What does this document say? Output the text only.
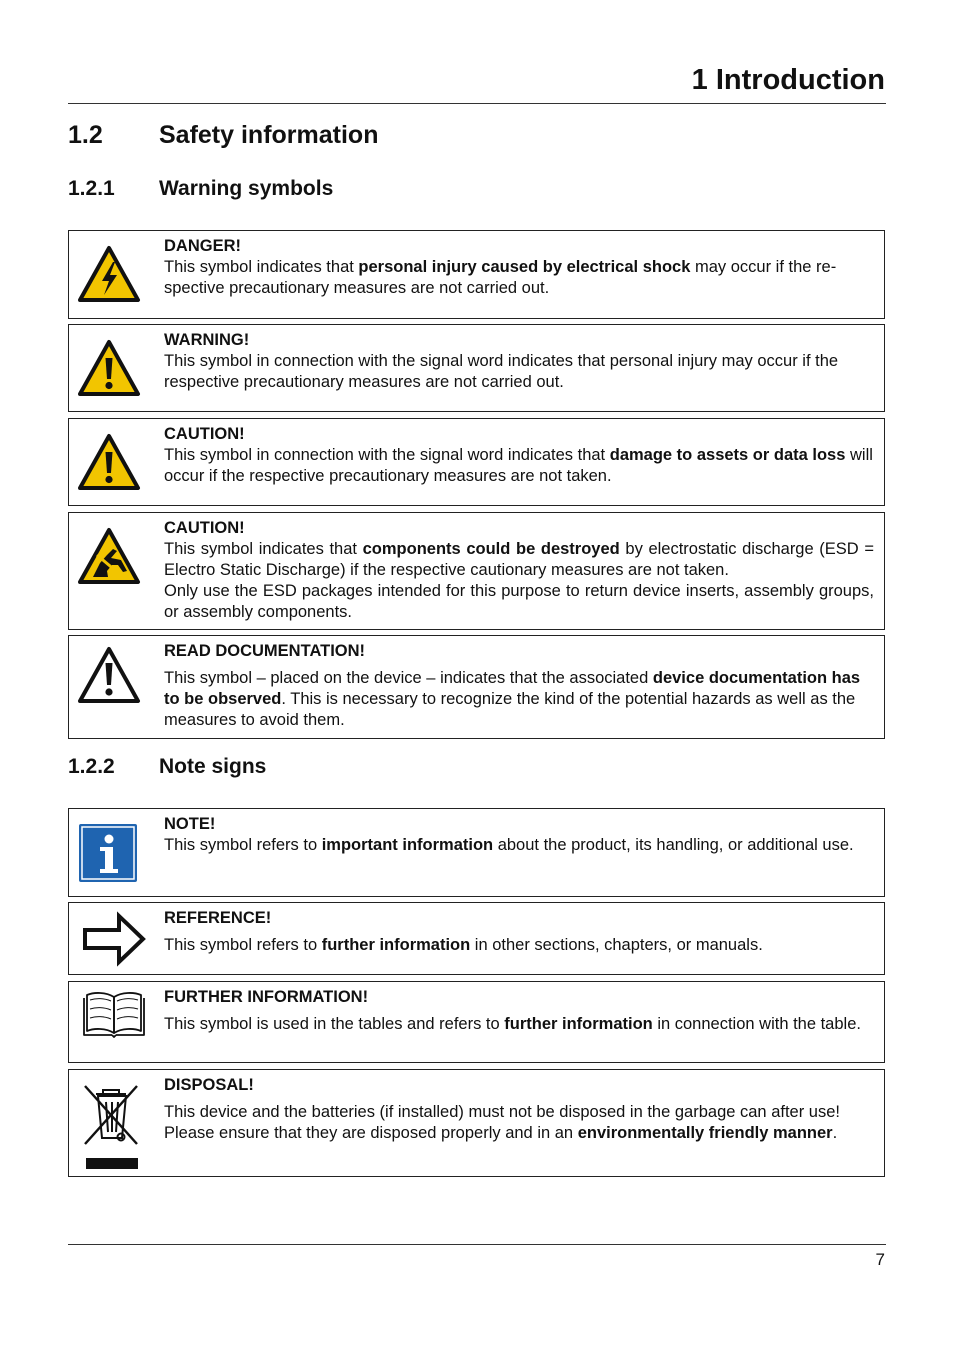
1 Introduction
1.2	Safety information
1.2.1	Warning symbols
DANGER!

This symbol indicates that personal injury caused by electrical shock may occur if the re-spective precautionary measures are not carried out.

WARNING!

This symbol in connection with the signal word indicates that personal injury may occur if the respective precautionary measures are not carried out.

CAUTION!

This symbol in connection with the signal word indicates that damage to assets or data loss will occur if the respective precautionary measures are not taken.

CAUTION!

This symbol indicates that components could be destroyed by electrostatic discharge (ESD = Electro Static Discharge) if the respective cautionary measures are not taken.

Only use the ESD packages intended for this purpose to return device inserts, assembly groups, or assembly components.

READ DOCUMENTATION!

This symbol – placed on the device – indicates that the associated device documentation has to be observed. This is necessary to recognize the kind of the potential hazards as well as the measures to avoid them.

1.2.2	Note signs
NOTE!

This symbol refers to important information about the product, its handling, or additional use.

REFERENCE!

This symbol refers to further information in other sections, chapters, or manuals.

FURTHER INFORMATION!

This symbol is used in the tables and refers to further information in connection with the table.

DISPOSAL!

This device and the batteries (if installed) must not be disposed in the garbage can after use! Please ensure that they are disposed properly and in an environmentally friendly manner.

7
